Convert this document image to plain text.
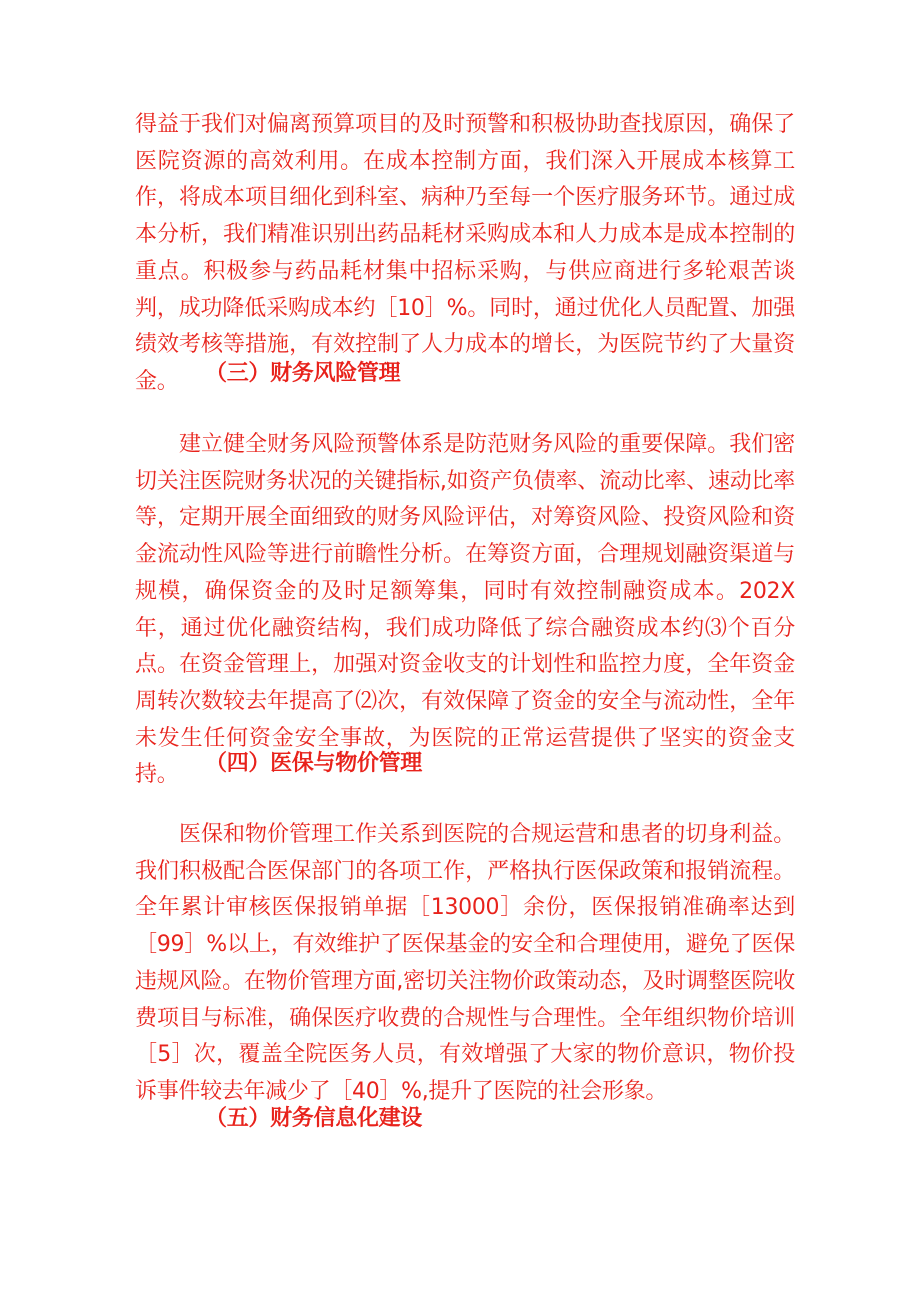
得益于我们对偏离预算项目的及时预警和积极协助查找原因，确保了医院资源的高效利用。在成本控制方面，我们深入开展成本核算工作，将成本项目细化到科室、病种乃至每一个医疗服务环节。通过成本分析，我们精准识别出药品耗材采购成本和人力成本是成本控制的重点。积极参与药品耗材集中招标采购，与供应商进行多轮艰苦谈判，成功降低采购成本约［10］%。同时，通过优化人员配置、加强绩效考核等措施，有效控制了人力成本的增长，为医院节约了大量资金。	（三）财务风险管理

建立健全财务风险预警体系是防范财务风险的重要保障。我们密切关注医院财务状况的关键指标,如资产负债率、流动比率、速动比率等，定期开展全面细致的财务风险评估，对筹资风险、投资风险和资金流动性风险等进行前瞻性分析。在筹资方面，合理规划融资渠道与规模，确保资金的及时足额筹集，同时有效控制融资成本。202X年，通过优化融资结构，我们成功降低了综合融资成本约⑶个百分点。在资金管理上，加强对资金收支的计划性和监控力度，全年资金周转次数较去年提高了⑵次，有效保障了资金的安全与流动性，全年未发生任何资金安全事故，为医院的正常运营提供了坚实的资金支持。	（四）医保与物价管理

医保和物价管理工作关系到医院的合规运营和患者的切身利益。我们积极配合医保部门的各项工作，严格执行医保政策和报销流程。全年累计审核医保报销单据［13000］余份，医保报销准确率达到［99］%以上，有效维护了医保基金的安全和合理使用，避免了医保违规风险。在物价管理方面,密切关注物价政策动态，及时调整医院收费项目与标准，确保医疗收费的合规性与合理性。全年组织物价培训［5］次，覆盖全院医务人员，有效增强了大家的物价意识，物价投诉事件较去年减少了［40］%,提升了医院的社会形象。

（五）财务信息化建设
